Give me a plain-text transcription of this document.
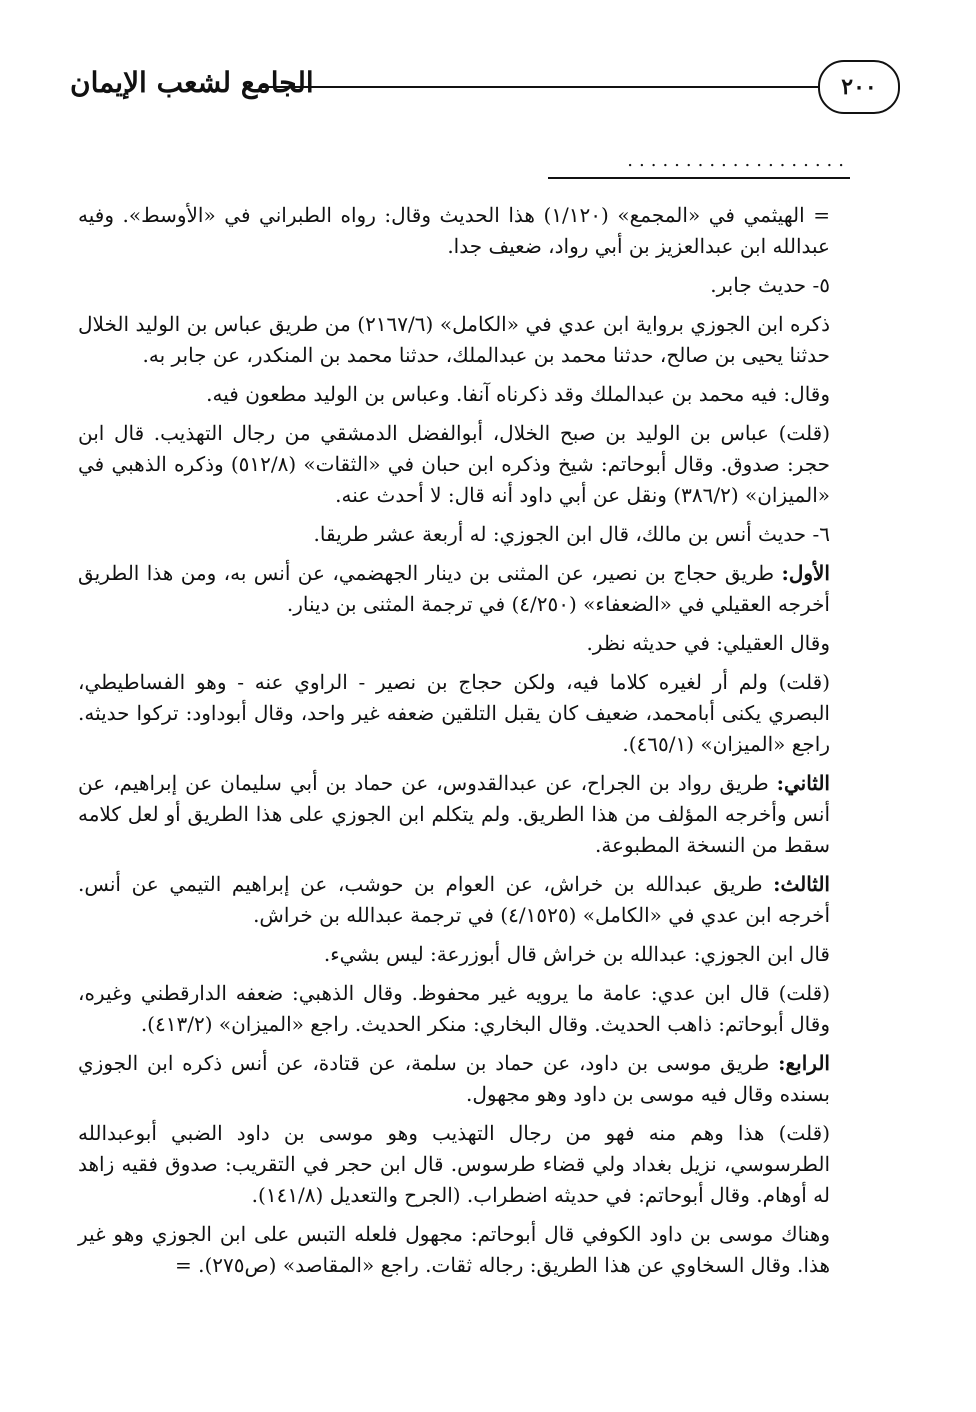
٢٠٠
الجامع لشعب الإيمان
...................

= الهيثمي في «المجمع» (١/١٢٠) هذا الحديث وقال: رواه الطبراني في «الأوسط». وفيه عبدالله ابن عبدالعزيز بن أبي رواد، ضعيف جدا.

٥- حديث جابر.

ذكره ابن الجوزي برواية ابن عدي في «الكامل» (٢١٦٧/٦) من طريق عباس بن الوليد الخلال حدثنا يحيى بن صالح، حدثنا محمد بن عبدالملك، حدثنا محمد بن المنكدر، عن جابر به.

وقال: فيه محمد بن عبدالملك وقد ذكرناه آنفا. وعباس بن الوليد مطعون فيه.

(قلت) عباس بن الوليد بن صبح الخلال، أبوالفضل الدمشقي من رجال التهذيب. قال ابن حجر: صدوق. وقال أبوحاتم: شيخ وذكره ابن حبان في «الثقات» (٥١٢/٨) وذكره الذهبي في «الميزان» (٣٨٦/٢) ونقل عن أبي داود أنه قال: لا أحدث عنه.

٦- حديث أنس بن مالك، قال ابن الجوزي: له أربعة عشر طريقا.

الأول: طريق حجاج بن نصير، عن المثنى بن دينار الجهضمي، عن أنس به، ومن هذا الطريق أخرجه العقيلي في «الضعفاء» (٤/٢٥٠) في ترجمة المثنى بن دينار.

وقال العقيلي: في حديثه نظر.

(قلت) ولم أر لغيره كلاما فيه، ولكن حجاج بن نصير - الراوي عنه - وهو الفساطيطي، البصري يكنى أبامحمد، ضعيف كان يقبل التلقين ضعفه غير واحد، وقال أبوداود: تركوا حديثه. راجع «الميزان» (٤٦٥/١).

الثاني: طريق رواد بن الجراح، عن عبدالقدوس، عن حماد بن أبي سليمان عن إبراهيم، عن أنس وأخرجه المؤلف من هذا الطريق. ولم يتكلم ابن الجوزي على هذا الطريق أو لعل كلامه سقط من النسخة المطبوعة.

الثالث: طريق عبدالله بن خراش، عن العوام بن حوشب، عن إبراهيم التيمي عن أنس. أخرجه ابن عدي في «الكامل» (٤/١٥٢٥) في ترجمة عبدالله بن خراش.

قال ابن الجوزي: عبدالله بن خراش قال أبوزرعة: ليس بشيء.

(قلت) قال ابن عدي: عامة ما يرويه غير محفوظ. وقال الذهبي: ضعفه الدارقطني وغيره، وقال أبوحاتم: ذاهب الحديث. وقال البخاري: منكر الحديث. راجع «الميزان» (٤١٣/٢).

الرابع: طريق موسى بن داود، عن حماد بن سلمة، عن قتادة، عن أنس ذكره ابن الجوزي بسنده وقال فيه موسى بن داود وهو مجهول.

(قلت) هذا وهم منه فهو من رجال التهذيب وهو موسى بن داود الضبي أبوعبدالله الطرسوسي، نزيل بغداد ولي قضاء طرسوس. قال ابن حجر في التقريب: صدوق فقيه زاهد له أوهام. وقال أبوحاتم: في حديثه اضطراب. (الجرح والتعديل (١٤١/٨).

وهناك موسى بن داود الكوفي قال أبوحاتم: مجهول فلعله التبس على ابن الجوزي وهو غير هذا. وقال السخاوي عن هذا الطريق: رجاله ثقات. راجع «المقاصد» (ص٢٧٥). =
